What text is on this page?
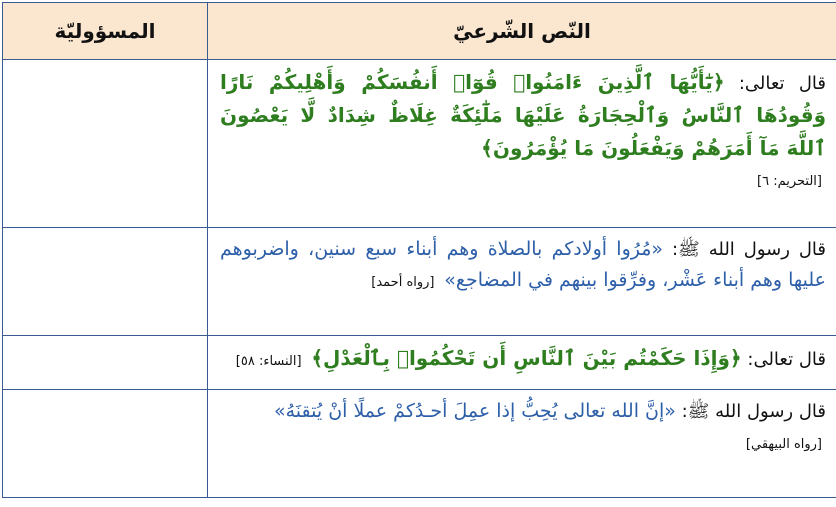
النّص الشّرعيّ	المسؤوليّة

قال تعالى: ﴿يَٰٓأَيُّهَا ٱلَّذِينَ ءَامَنُوا۟ قُوٓا۟ أَنفُسَكُمْ وَأَهْلِيكُمْ نَارًا وَقُودُهَا ٱلنَّاسُ وَٱلْحِجَارَةُ عَلَيْهَا مَلَٰٓئِكَةٌ غِلَاظٌ شِدَادٌ لَّا يَعْصُونَ ٱللَّهَ مَآ أَمَرَهُمْ وَيَفْعَلُونَ مَا يُؤْمَرُونَ﴾
[التحريم: ٦]	

قال رسول الله ﷺ: «مُرُوا أولادكم بالصلاة وهم أبناء سبع سنين، واضربوهم عليها وهم أبناء عَشْر، وفرِّقوا بينهم في المضاجع» [رواه أحمد]	

قال تعالى: ﴿وَإِذَا حَكَمْتُم بَيْنَ ٱلنَّاسِ أَن تَحْكُمُوا۟ بِٱلْعَدْلِ﴾ [النساء: ٥٨]	

قال رسول الله ﷺ: «إنَّ الله تعالى يُحِبُّ إذا عمِلَ أحـدُكمْ عملًا أنْ يُتقنَهُ»
[رواه البيهقي]	
